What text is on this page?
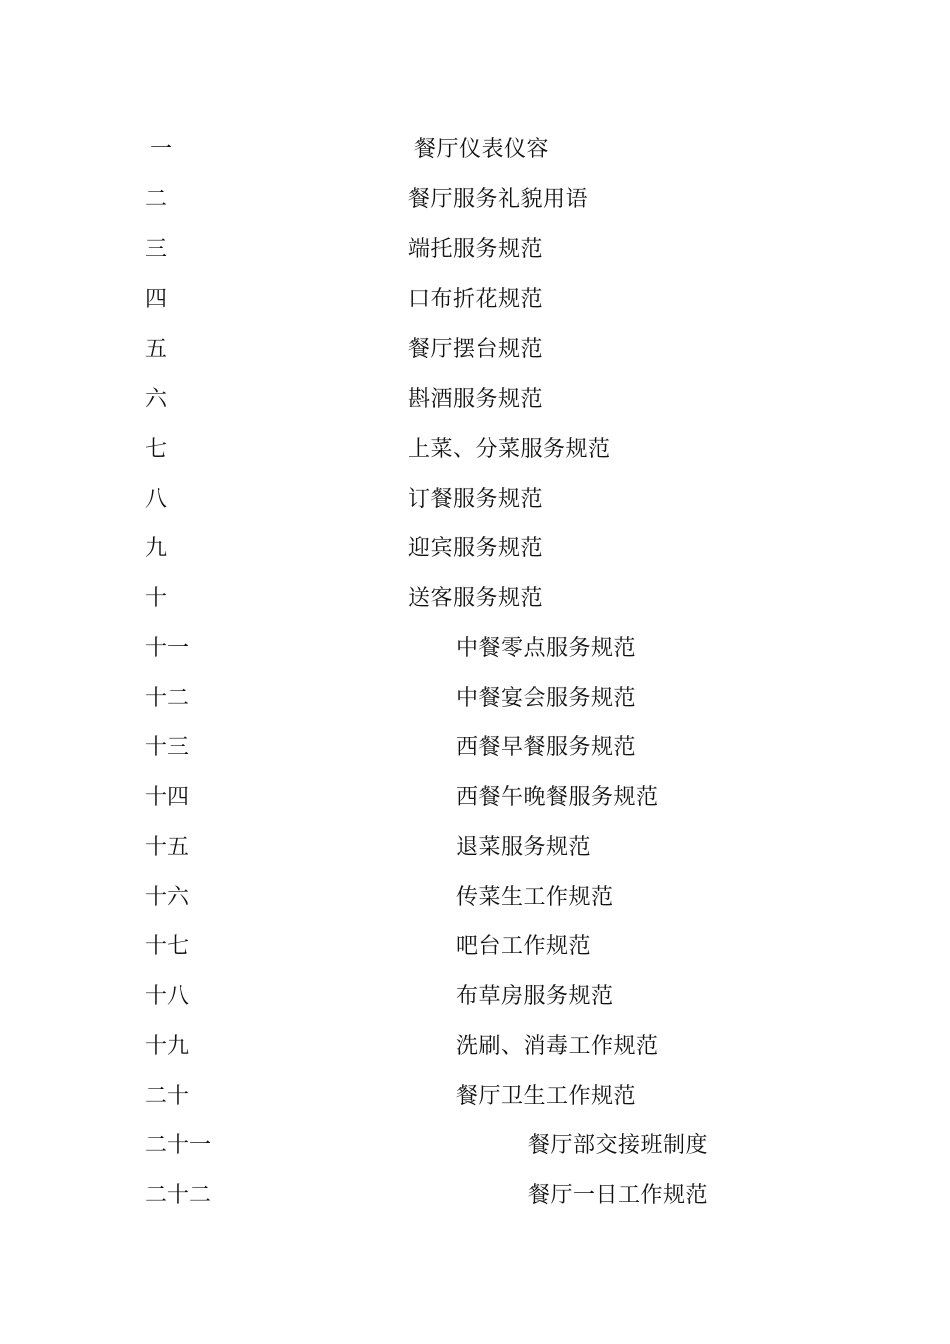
一	餐厅仪表仪容
二	餐厅服务礼貌用语
三	端托服务规范
四	口布折花规范
五	餐厅摆台规范
六	斟酒服务规范
七	上菜、分菜服务规范
八	订餐服务规范
九	迎宾服务规范
十	送客服务规范
十一	中餐零点服务规范
十二	中餐宴会服务规范
十三	西餐早餐服务规范
十四	西餐午晚餐服务规范
十五	退菜服务规范
十六	传菜生工作规范
十七	吧台工作规范
十八	布草房服务规范
十九	洗刷、消毒工作规范
二十	餐厅卫生工作规范
二十一	餐厅部交接班制度
二十二	餐厅一日工作规范
